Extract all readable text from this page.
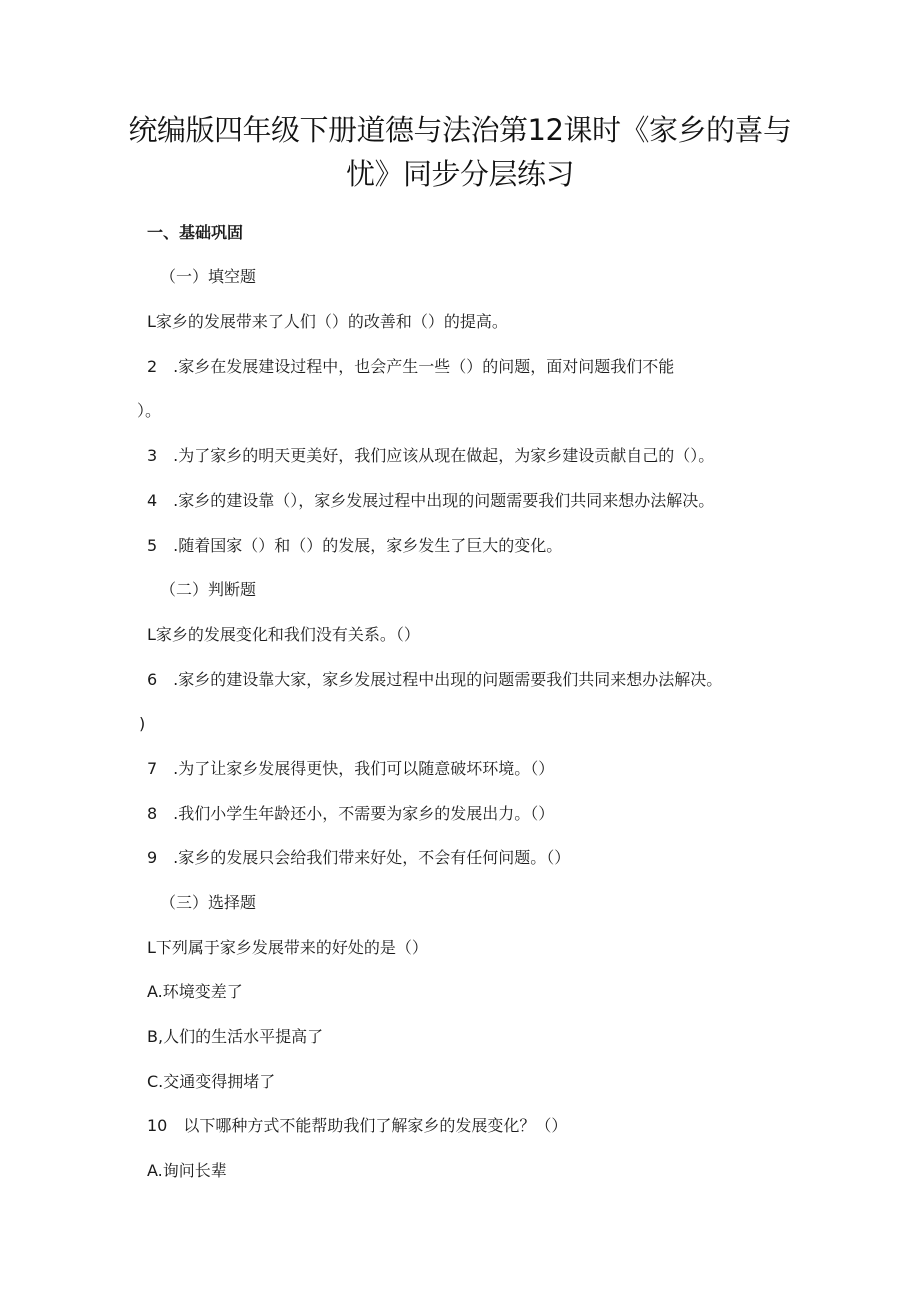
统编版四年级下册道德与法治第12课时《家乡的喜与
忧》同步分层练习
一、基础巩固
（一）填空题
L家乡的发展带来了人们（）的改善和（）的提高。
2　.家乡在发展建设过程中，也会产生一些（）的问题，面对问题我们不能
）。
3　.为了家乡的明天更美好，我们应该从现在做起，为家乡建设贡献自己的（）。
4　.家乡的建设靠（），家乡发展过程中出现的问题需要我们共同来想办法解决。
5　.随着国家（）和（）的发展，家乡发生了巨大的变化。
（二）判断题
L家乡的发展变化和我们没有关系。（）
6　.家乡的建设靠大家，家乡发展过程中出现的问题需要我们共同来想办法解决。
)
7　.为了让家乡发展得更快，我们可以随意破坏环境。（）
8　.我们小学生年龄还小，不需要为家乡的发展出力。（）
9　.家乡的发展只会给我们带来好处，不会有任何问题。（）
（三）选择题
L下列属于家乡发展带来的好处的是（）
A.环境变差了
B,人们的生活水平提高了
C.交通变得拥堵了
10　以下哪种方式不能帮助我们了解家乡的发展变化？（）
A.询问长辈
